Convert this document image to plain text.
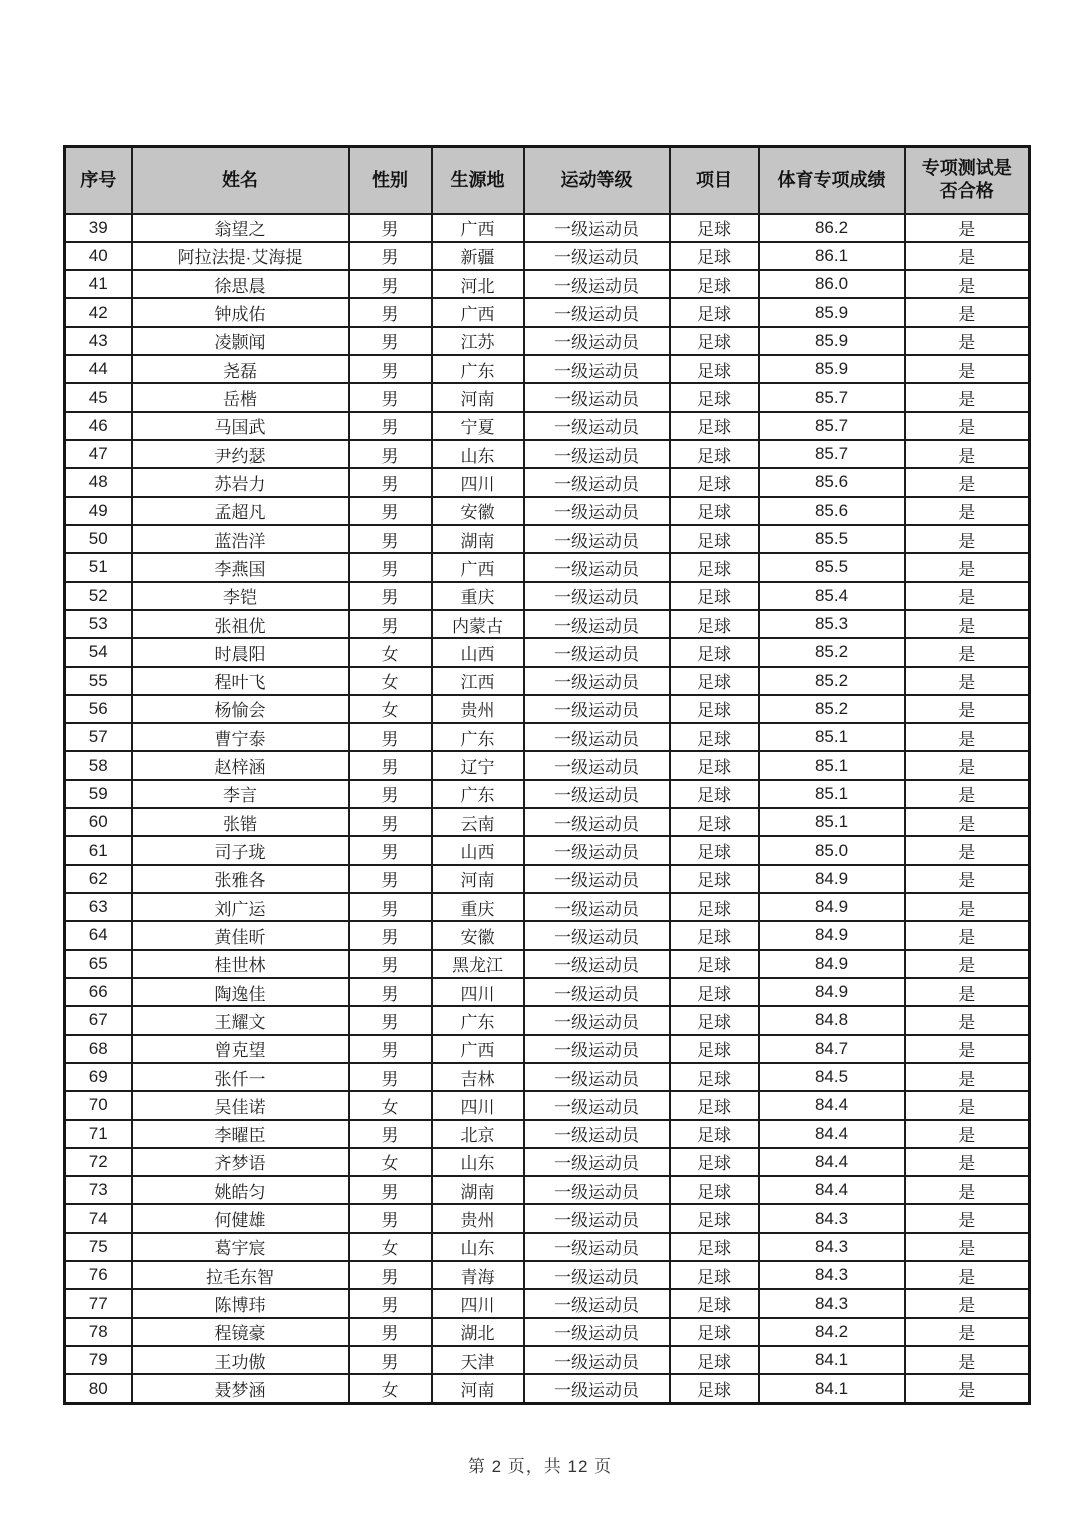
序号	姓名	性别	生源地	运动等级	项目	体育专项成绩	专项测试是否合格
39	翁望之	男	广西	一级运动员	足球	86.2	是
40	阿拉法提·艾海提	男	新疆	一级运动员	足球	86.1	是
41	徐思晨	男	河北	一级运动员	足球	86.0	是
42	钟成佑	男	广西	一级运动员	足球	85.9	是
43	凌颢闻	男	江苏	一级运动员	足球	85.9	是
44	尧磊	男	广东	一级运动员	足球	85.9	是
45	岳楷	男	河南	一级运动员	足球	85.7	是
46	马国武	男	宁夏	一级运动员	足球	85.7	是
47	尹约瑟	男	山东	一级运动员	足球	85.7	是
48	苏岩力	男	四川	一级运动员	足球	85.6	是
49	孟超凡	男	安徽	一级运动员	足球	85.6	是
50	蓝浩洋	男	湖南	一级运动员	足球	85.5	是
51	李燕国	男	广西	一级运动员	足球	85.5	是
52	李铠	男	重庆	一级运动员	足球	85.4	是
53	张祖优	男	内蒙古	一级运动员	足球	85.3	是
54	时晨阳	女	山西	一级运动员	足球	85.2	是
55	程叶飞	女	江西	一级运动员	足球	85.2	是
56	杨愉会	女	贵州	一级运动员	足球	85.2	是
57	曹宁泰	男	广东	一级运动员	足球	85.1	是
58	赵梓涵	男	辽宁	一级运动员	足球	85.1	是
59	李言	男	广东	一级运动员	足球	85.1	是
60	张锴	男	云南	一级运动员	足球	85.1	是
61	司子珑	男	山西	一级运动员	足球	85.0	是
62	张雅各	男	河南	一级运动员	足球	84.9	是
63	刘广运	男	重庆	一级运动员	足球	84.9	是
64	黄佳昕	男	安徽	一级运动员	足球	84.9	是
65	桂世林	男	黑龙江	一级运动员	足球	84.9	是
66	陶逸佳	男	四川	一级运动员	足球	84.9	是
67	王耀文	男	广东	一级运动员	足球	84.8	是
68	曾克望	男	广西	一级运动员	足球	84.7	是
69	张仟一	男	吉林	一级运动员	足球	84.5	是
70	吴佳诺	女	四川	一级运动员	足球	84.4	是
71	李曜臣	男	北京	一级运动员	足球	84.4	是
72	齐梦语	女	山东	一级运动员	足球	84.4	是
73	姚皓匀	男	湖南	一级运动员	足球	84.4	是
74	何健雄	男	贵州	一级运动员	足球	84.3	是
75	葛宇宸	女	山东	一级运动员	足球	84.3	是
76	拉毛东智	男	青海	一级运动员	足球	84.3	是
77	陈博玮	男	四川	一级运动员	足球	84.3	是
78	程镜豪	男	湖北	一级运动员	足球	84.2	是
79	王功傲	男	天津	一级运动员	足球	84.1	是
80	聂梦涵	女	河南	一级运动员	足球	84.1	是
第 2 页，共 12 页
